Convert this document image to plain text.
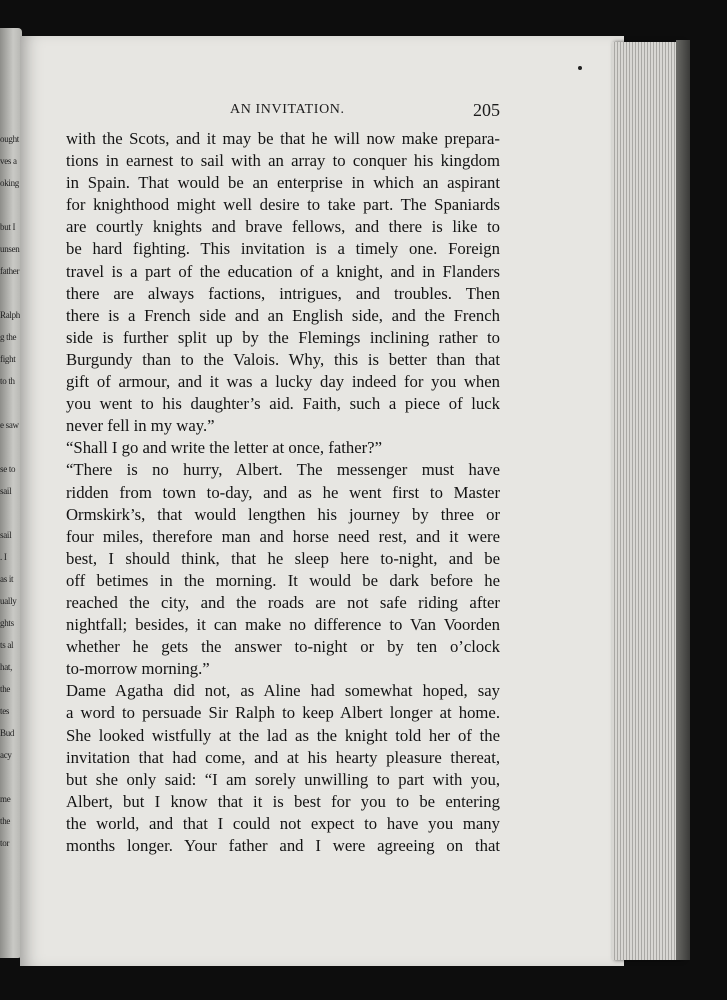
ought
ves a
oking
but I
unsen
father
Ralph
g the
fight
to th
e saw
se to
sail
sail
. I
as it
ually
ghts
ts al
hat,
the
tes
Bud
acy
me
the
tor
AN INVITATION.	205
with the Scots, and it may be that he will now make prepara-
tions in earnest to sail with an array to conquer his kingdom
in Spain. That would be an enterprise in which an aspirant
for knighthood might well desire to take part. The Spaniards
are courtly knights and brave fellows, and there is like to
be hard fighting. This invitation is a timely one. Foreign
travel is a part of the education of a knight, and in Flanders
there are always factions, intrigues, and troubles. Then
there is a French side and an English side, and the French
side is further split up by the Flemings inclining rather to
Burgundy than to the Valois. Why, this is better than that
gift of armour, and it was a lucky day indeed for you when
you went to his daughter’s aid. Faith, such a piece of luck
never fell in my way.”
“Shall I go and write the letter at once, father?”
“There is no hurry, Albert. The messenger must have
ridden from town to-day, and as he went first to Master
Ormskirk’s, that would lengthen his journey by three or
four miles, therefore man and horse need rest, and it were
best, I should think, that he sleep here to-night, and be
off betimes in the morning. It would be dark before he
reached the city, and the roads are not safe riding after
nightfall; besides, it can make no difference to Van Voorden
whether he gets the answer to-night or by ten o’clock
to-morrow morning.”
Dame Agatha did not, as Aline had somewhat hoped, say
a word to persuade Sir Ralph to keep Albert longer at home.
She looked wistfully at the lad as the knight told her of the
invitation that had come, and at his hearty pleasure thereat,
but she only said: “I am sorely unwilling to part with you,
Albert, but I know that it is best for you to be entering
the world, and that I could not expect to have you many
months longer. Your father and I were agreeing on that
